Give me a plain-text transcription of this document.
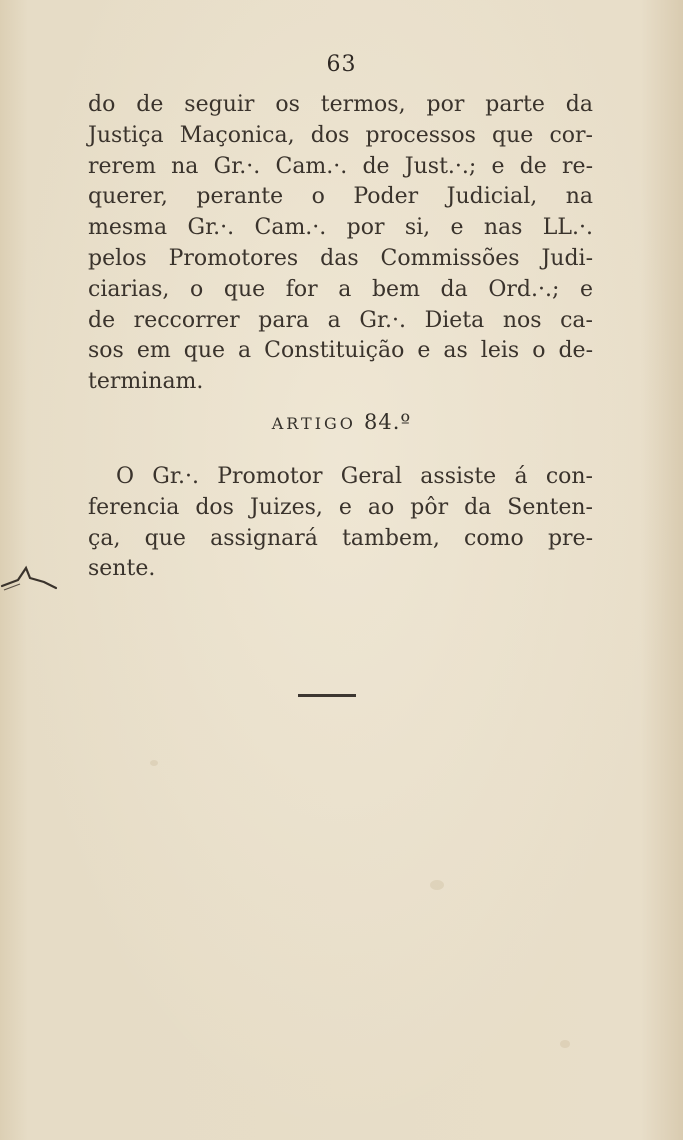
63
do de seguir os termos, por parte da
Justiça Maçonica, dos processos que cor-
rerem na Gr.·. Cam.·. de Just.·.; e de re-
querer, perante o Poder Judicial, na
mesma Gr.·. Cam.·. por si, e nas LL.·.
pelos Promotores das Commissões Judi-
ciarias, o que for a bem da Ord.·.; e
de reccorrer para a Gr.·. Dieta nos ca-
sos em que a Constituição e as leis o de-
terminam.
ARTIGO 84.º
O Gr.·. Promotor Geral assiste á con-
ferencia dos Juizes, e ao pôr da Senten-
ça, que assignará tambem, como pre-
sente.
